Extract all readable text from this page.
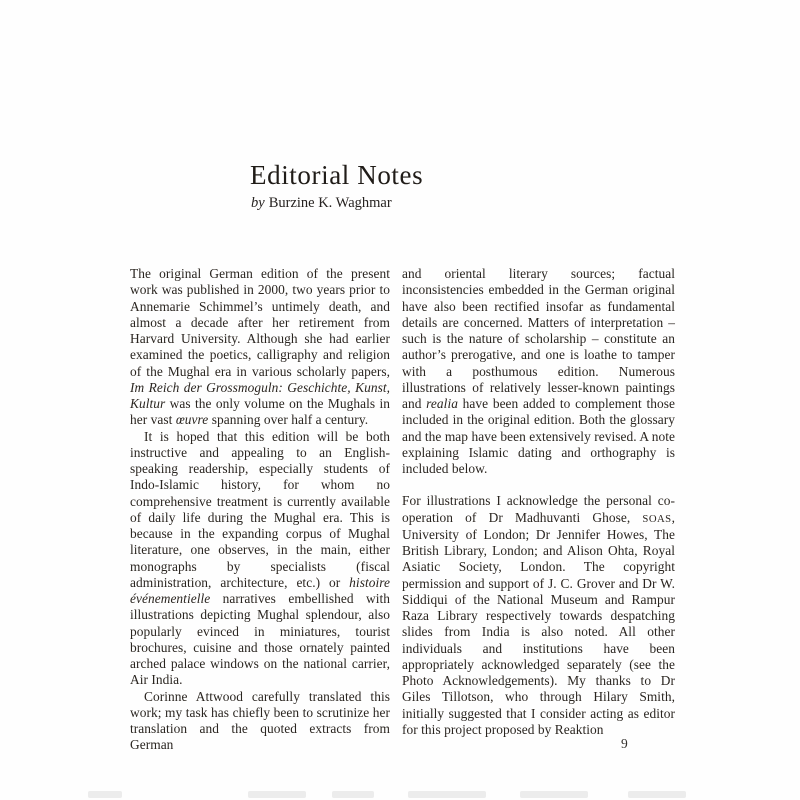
Editorial Notes
by Burzine K. Waghmar

The original German edition of the present work was published in 2000, two years prior to Annemarie Schimmel’s untimely death, and almost a decade after her retirement from Harvard University. Although she had earlier examined the poetics, calligraphy and religion of the Mughal era in various scholarly papers, Im Reich der Grossmoguln: Geschichte, Kunst, Kultur was the only volume on the Mughals in her vast œuvre spanning over half a century.

It is hoped that this edition will be both instructive and appealing to an English-speaking readership, especially students of Indo-Islamic history, for whom no comprehensive treatment is currently available of daily life during the Mughal era. This is because in the expanding corpus of Mughal literature, one observes, in the main, either monographs by specialists (fiscal administration, architecture, etc.) or histoire événementielle narratives embellished with illustrations depicting Mughal splendour, also popularly evinced in miniatures, tourist brochures, cuisine and those ornately painted arched palace windows on the national carrier, Air India.

Corinne Attwood carefully translated this work; my task has chiefly been to scrutinize her translation and the quoted extracts from German

and oriental literary sources; factual inconsistencies embedded in the German original have also been rectified insofar as fundamental details are concerned. Matters of interpretation – such is the nature of scholarship – constitute an author’s prerogative, and one is loathe to tamper with a posthumous edition. Numerous illustrations of relatively lesser-known paintings and realia have been added to complement those included in the original edition. Both the glossary and the map have been extensively revised. A note explaining Islamic dating and orthography is included below.

For illustrations I acknowledge the personal co-operation of Dr Madhuvanti Ghose, SOAS, University of London; Dr Jennifer Howes, The British Library, London; and Alison Ohta, Royal Asiatic Society, London. The copyright permission and support of J. C. Grover and Dr W. Siddiqui of the National Museum and Rampur Raza Library respectively towards despatching slides from India is also noted. All other individuals and institutions have been appropriately acknowledged separately (see the Photo Acknowledgements). My thanks to Dr Giles Tillotson, who through Hilary Smith, initially suggested that I consider acting as editor for this project proposed by Reaktion

9
